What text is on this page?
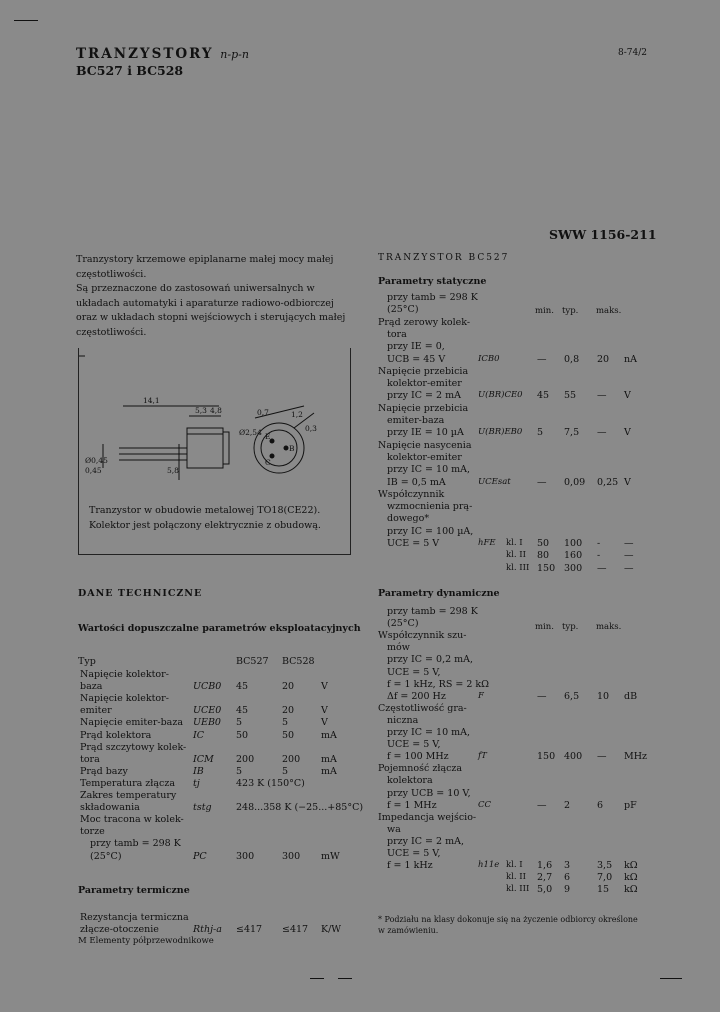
TRANZYSTORY n-p-n
BC527 i BC528
8-74/2
SWW 1156-211
Tranzystory krzemowe epiplanarne małej mocy małej częstotliwości.
Są przeznaczone do zastosowań uniwersalnych w układach automatyki i aparaturze radiowo-odbiorczej oraz w układach stopni wejściowych i sterujących małej częstotliwości.
14,1
5,3 4,8
5,8
0,45
Ø0,45
Ø2,54
0,7	1,2
0,3
E
B
C
Tranzystor w obudowie metalowej TO18(CE22). Kolektor jest połączony elektrycznie z obudową.
DANE TECHNICZNE
Wartości dopuszczalne parametrów eksploatacyjnych
Typ	BC527 BC528
Napięcie kolektor-
baza	UCB0 45	20	V
Napięcie kolektor-
emiter	UCE0 45	20	V
Napięcie emiter-baza UEB0 5	5	V
Prąd kolektora	IC	50	50	mA
Prąd szczytowy kolek-
tora	ICM 200	200 mA
Prąd bazy	IB	5	5	mA
Temperatura złącza tj	423 K (150°C)
Zakres temperatury
składowania	tstg	248...358 K (−25...+85°C)
Moc tracona w kolek-
torze
przy tamb = 298 K
(25°C)	PC	300	300 mW
Parametry termiczne
Rezystancja termiczna
złącze-otoczenie	Rthj-a ≤417 ≤417 K/W
M Elementy półprzewodnikowe
TRANZYSTOR BC527
Parametry statyczne
min. typ. maks.
przy tamb = 298 K
(25°C)
Prąd zerowy kolek-
tora
przy IE = 0,
UCB = 45 V	ICB0	— 0,8 20 nA
Napięcie przebicia
kolektor-emiter
przy IC = 2 mA U(BR)CE0 45 55 — V
Napięcie przebicia
emiter-baza
przy IE = 10 µA U(BR)EB0 5 7,5 — V
Napięcie nasycenia
kolektor-emiter
przy IC = 10 mA,
IB = 0,5 mA	UCEsat	— 0,09 0,25 V
Współczynnik
wzmocnienia prą-
dowego*
przy IC = 100 µA,
UCE = 5 V	hFE kl. I 50 100 -	—
kl. II 80 160 -	—
kl. III 150 300 — —
Parametry dynamiczne
min. typ. maks.
przy tamb = 298 K
(25°C)
Współczynnik szu-
mów
przy IC = 0,2 mA,
UCE = 5 V,
f = 1 kHz, RS = 2 kΩ
Δf = 200 Hz	F	— 6,5 10 dB
Częstotliwość gra-
niczna
przy IC = 10 mA,
UCE = 5 V,
f = 100 MHz	fT	150 400 — MHz
Pojemność złącza
kolektora
przy UCB = 10 V,
f = 1 MHz	CC	— 2	6 pF
Impedancja wejścio-
wa
przy IC = 2 mA,
UCE = 5 V,
f = 1 kHz	h11e kl. I 1,6 3	3,5 kΩ
kl. II 2,7 6	7,0 kΩ
kl. III 5,0 9	15 kΩ
* Podziału na klasy dokonuje się na życzenie odbiorcy określone w zamówieniu.
